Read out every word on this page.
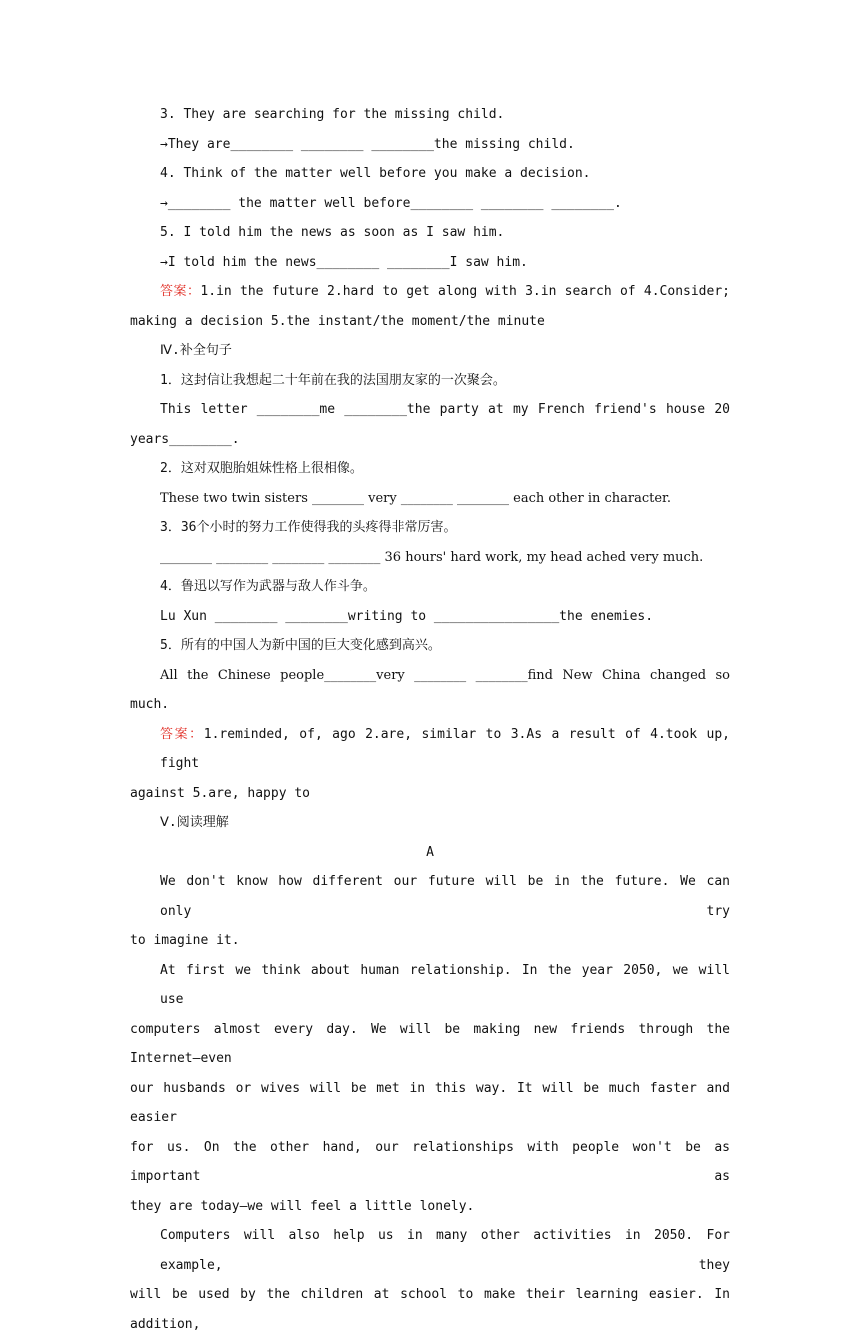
3. They are searching for the missing child.
→They are________ ________ ________the missing child.
4. Think of the matter well before you make a decision.
→________ the matter well before________ ________ ________.
5. I told him the news as soon as I saw him.
→I told him the news________ ________I saw him.
答案：1.in the future 2.hard to get along with 3.in search of 4.Consider;
making a decision 5.the instant/the moment/the minute
Ⅳ.补全句子
1．这封信让我想起二十年前在我的法国朋友家的一次聚会。
This letter ________me ________the party at my French friend's house 20
years________.
2．这对双胞胎姐妹性格上很相像。
These two twin sisters ________ very ________ ________ each other in character.
3．36个小时的努力工作使得我的头疼得非常厉害。
________ ________ ________ ________ 36 hours' hard work, my head ached very much.
4．鲁迅以写作为武器与敌人作斗争。
Lu Xun ________ ________writing to ________________the enemies.
5．所有的中国人为新中国的巨大变化感到高兴。
All the Chinese people________very ________ ________find New China changed so
much.
答案：1.reminded, of, ago 2.are, similar to 3.As a result of 4.took up, fight
against 5.are, happy to
Ⅴ.阅读理解
A
We don't know how different our future will be in the future. We can only try
to imagine it.
At first we think about human relationship. In the year 2050, we will use
computers almost every day. We will be making new friends through the Internet—even
our husbands or wives will be met in this way. It will be much faster and easier
for us. On the other hand, our relationships with people won't be as important as
they are today—we will feel a little lonely.
Computers will also help us in many other activities in 2050. For example, they
will be used by the children at school to make their learning easier. In addition,
